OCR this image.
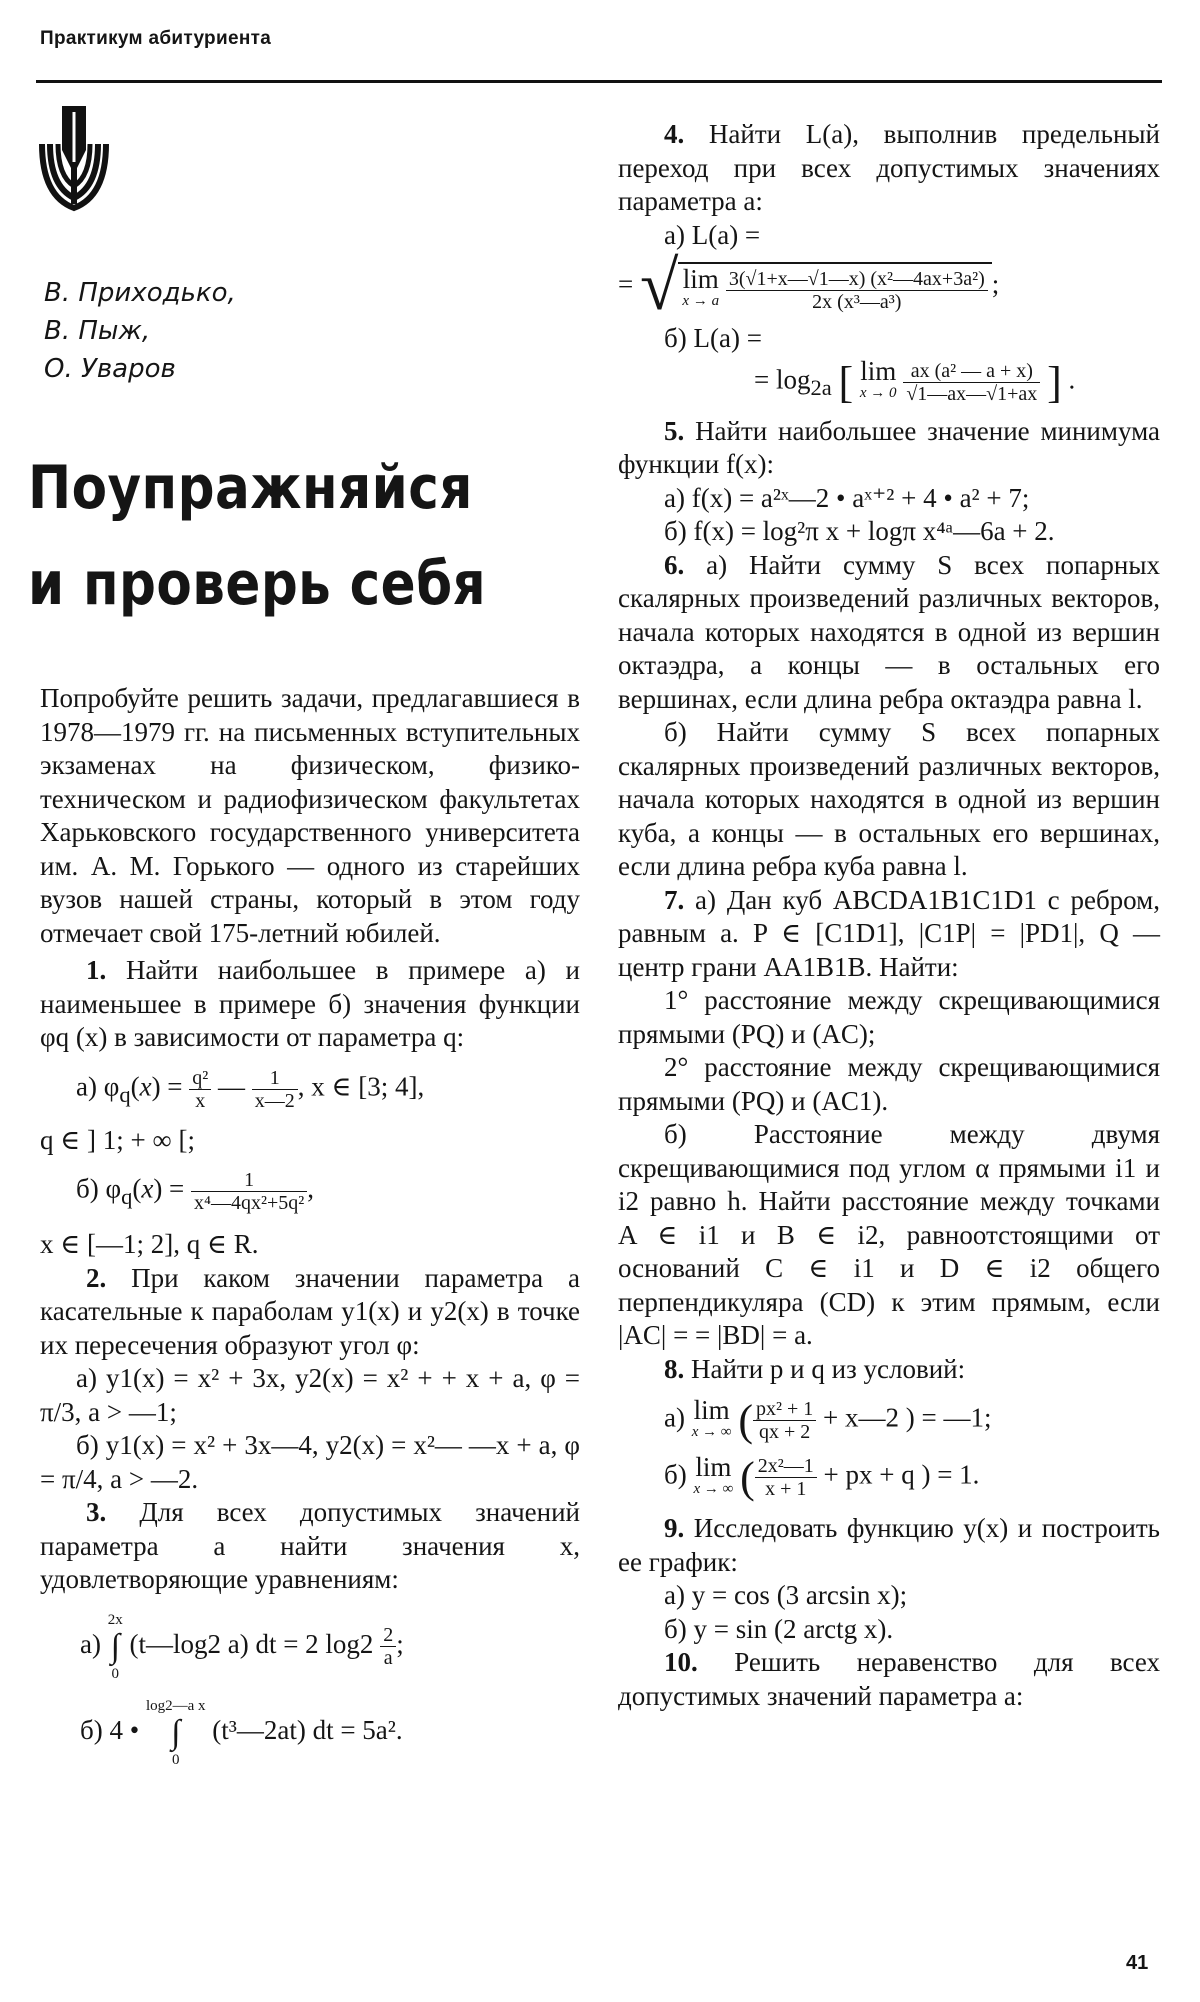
Практикум абитуриента
В. Приходько,
В. Пыж,
О. Уваров
Поупражняйся
и проверь себя

Попробуйте решить задачи, предлагавшиеся в 1978—1979 гг. на письменных вступительных экзаменах на физическом, физико-техническом и радиофизическом факультетах Харьковского государственного университета им. А. М. Горького — одного из старейших вузов нашей страны, который в этом году отмечает свой 175-летний юбилей.

1. Найти наибольшее в примере а) и наименьшее в примере б) значения функции φq (x) в зависимости от параметра q:

а) $\varphi_q(x) = \frac{\text{q²}}{x}$ — $\frac{1}{x—2}$ , x ∈ [3; 4],
q ∈ ] 1; + ∞ [;
б) $\varphi_q(x) = \frac{1}{\text{x⁴—4qx²+5q²}}$ ,
x ∈ [—1; 2], q ∈ R.

2. При каком значении параметра a касательные к параболам y1(x) и y2(x) в точке их пересечения образуют угол φ:

а) y1(x) = x² + 3x, y2(x) = x² + + x + a, φ = π/3, a > —1;

б) y1(x) = x² + 3x—4, y2(x) = x²— —x + a, φ = π/4, a > —2.

3. Для всех допустимых значений параметра a найти значения x, удовлетворяющие уравнениям:

а) 2x
∫
0 (t—log2 a) dt = 2 $\log 2 \frac{2}{a}$ ;
б) 4 • log2—a x
∫
0 (t³—2at) dt = 5a².

4. Найти L(a), выполнив предельный переход при всех допустимых значениях параметра a:

а) L(a) =
= √ lim
x → a
$\frac{\text{3(√1+x—√1—x) (x²—4ax+3a²)}}{\text{2x (x³—a³)}}$ ;
б) L(a) =
= $\log_{2a}$ [ lim
x → 0
$\frac{\text{ax (a² — a + x)}}{√1—ax—√1+ax}$ ] .

5. Найти наибольшее значение минимума функции f(x):

а) f(x) = a²ˣ—2 • aˣ⁺² + 4 • a² + 7;

б) f(x) = log²π x + logπ x⁴ᵃ—6a + 2.

6. а) Найти сумму S всех попарных скалярных произведений различных векторов, начала которых находятся в одной из вершин октаэдра, а концы — в остальных его вершинах, если длина ребра октаэдра равна l.

б) Найти сумму S всех попарных скалярных произведений различных векторов, начала которых находятся в одной из вершин куба, а концы — в остальных его вершинах, если длина ребра куба равна l.

7. а) Дан куб ABCDA1B1C1D1 с ребром, равным a. P ∈ [C1D1], |C1P| = |PD1|, Q — центр грани AA1B1B. Найти:

1° расстояние между скрещивающимися прямыми (PQ) и (AC);

2° расстояние между скрещивающимися прямыми (PQ) и (AC1).

б) Расстояние между двумя скрещивающимися под углом α прямыми i1 и i2 равно h. Найти расстояние между точками A ∈ i1 и B ∈ i2, равноотстоящими от оснований C ∈ i1 и D ∈ i2 общего перпендикуляра (CD) к этим прямым, если |AC| = = |BD| = a.

8. Найти p и q из условий:

а) lim
x → ∞ ( $\frac{\text{px² + 1}}{qx + 2}$ + x—2 ) = —1;
б) lim
x → ∞ ( $\frac{\text{2x²—1}}{x + 1}$ + px + q ) = 1.

9. Исследовать функцию y(x) и построить ее график:

а) y = cos (3 arcsin x);

б) y = sin (2 arctg x).

10. Решить неравенство для всех допустимых значений параметра a:

41
